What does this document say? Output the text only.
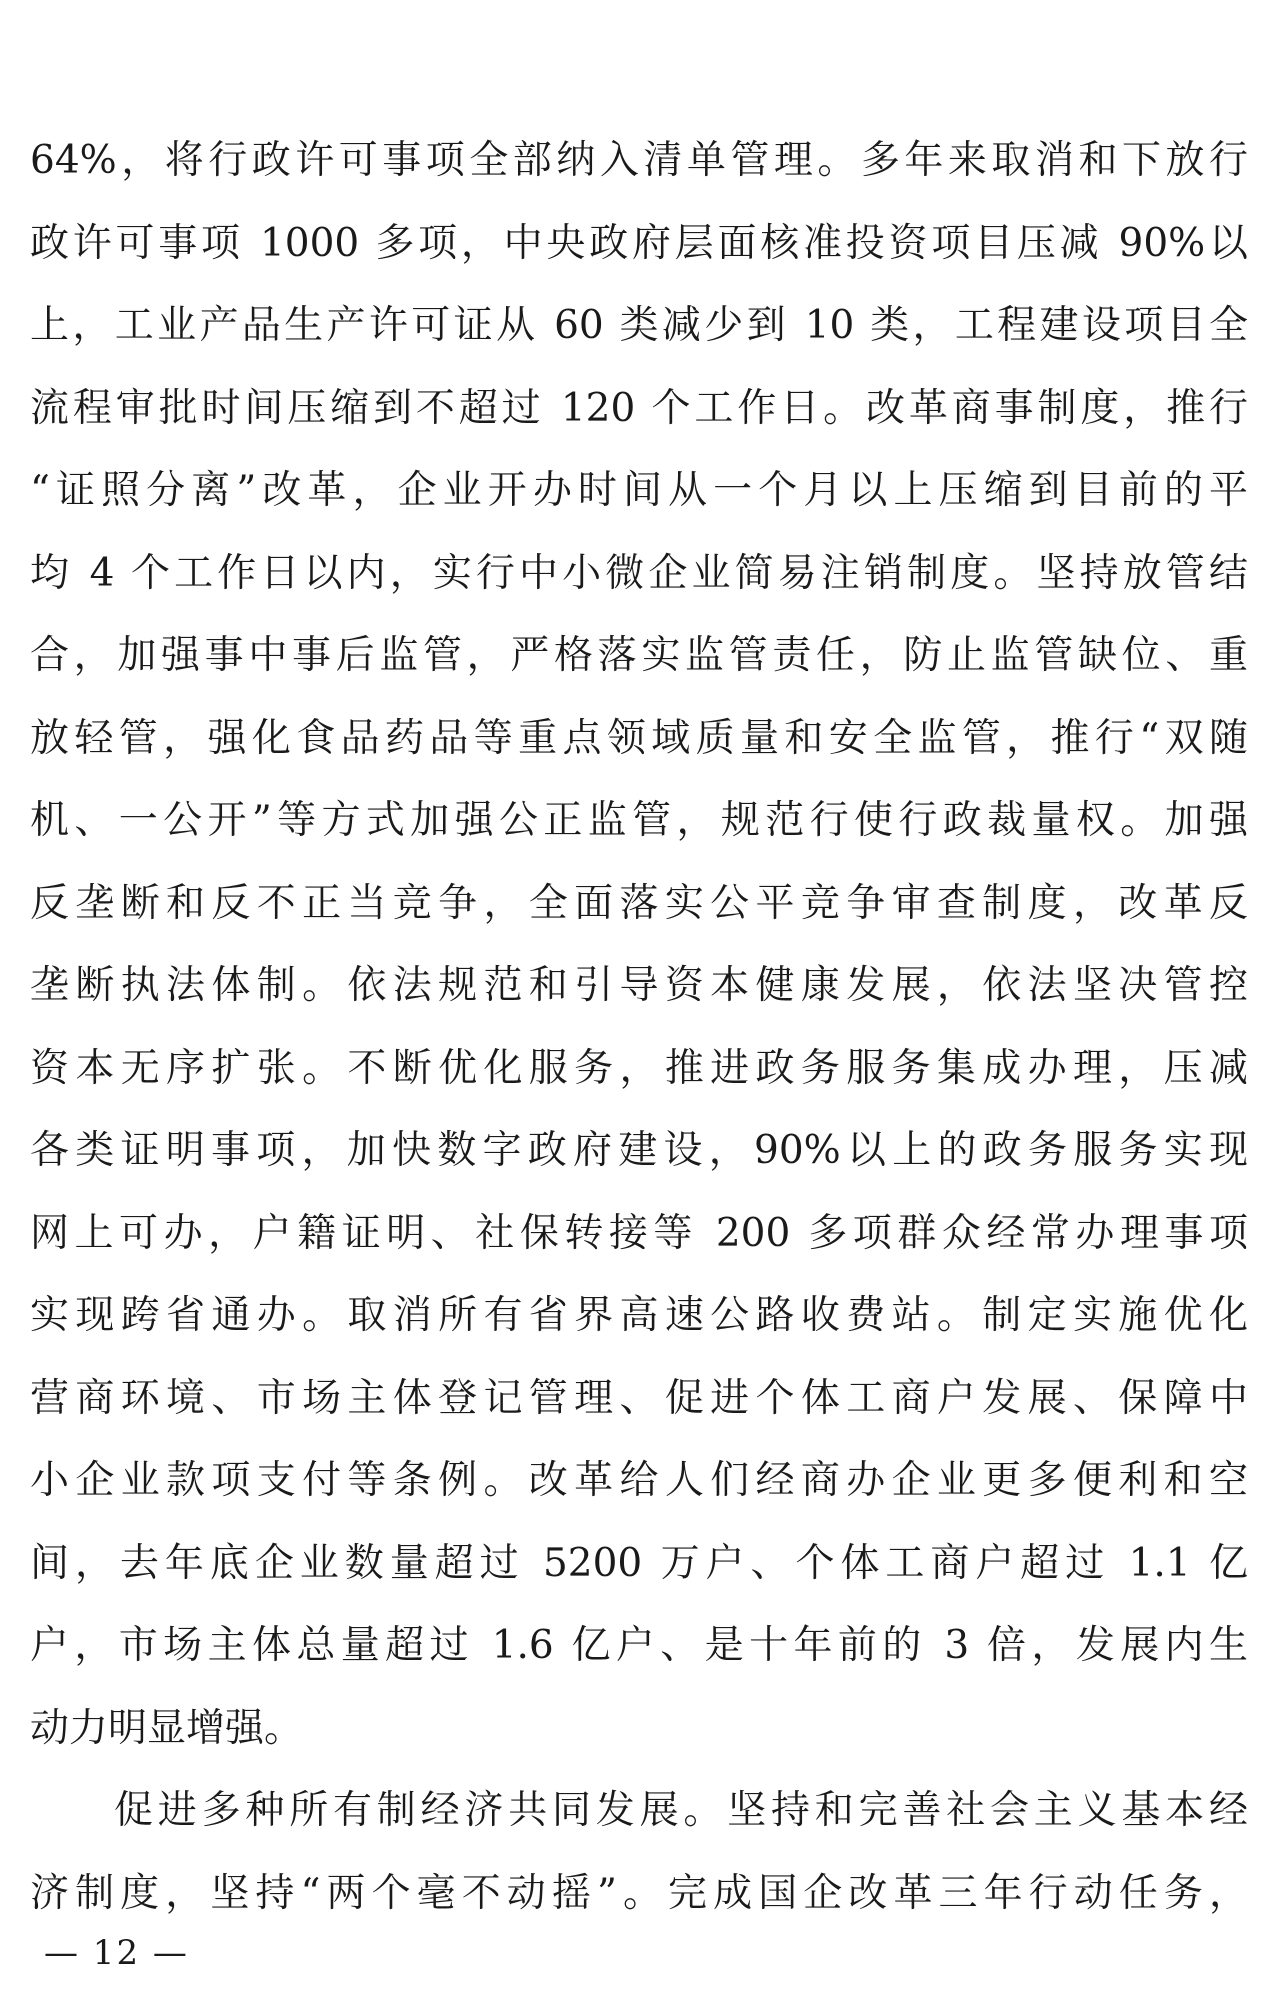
64%，将行政许可事项全部纳入清单管理。多年来取消和下放行
政许可事项 1000 多项，中央政府层面核准投资项目压减 90%以
上，工业产品生产许可证从 60 类减少到 10 类，工程建设项目全
流程审批时间压缩到不超过 120 个工作日。改革商事制度，推行
“证照分离”改革，企业开办时间从一个月以上压缩到目前的平
均 4 个工作日以内，实行中小微企业简易注销制度。坚持放管结
合，加强事中事后监管，严格落实监管责任，防止监管缺位、重
放轻管，强化食品药品等重点领域质量和安全监管，推行“双随
机、一公开”等方式加强公正监管，规范行使行政裁量权。加强
反垄断和反不正当竞争，全面落实公平竞争审查制度，改革反
垄断执法体制。依法规范和引导资本健康发展，依法坚决管控
资本无序扩张。不断优化服务，推进政务服务集成办理，压减
各类证明事项，加快数字政府建设，90%以上的政务服务实现
网上可办，户籍证明、社保转接等 200 多项群众经常办理事项
实现跨省通办。取消所有省界高速公路收费站。制定实施优化
营商环境、市场主体登记管理、促进个体工商户发展、保障中
小企业款项支付等条例。改革给人们经商办企业更多便利和空
间，去年底企业数量超过 5200 万户、个体工商户超过 1.1 亿
户，市场主体总量超过 1.6 亿户、是十年前的 3 倍，发展内生
动力明显增强。
促进多种所有制经济共同发展。坚持和完善社会主义基本经
济制度，坚持“两个毫不动摇”。完成国企改革三年行动任务，
— 12 —
